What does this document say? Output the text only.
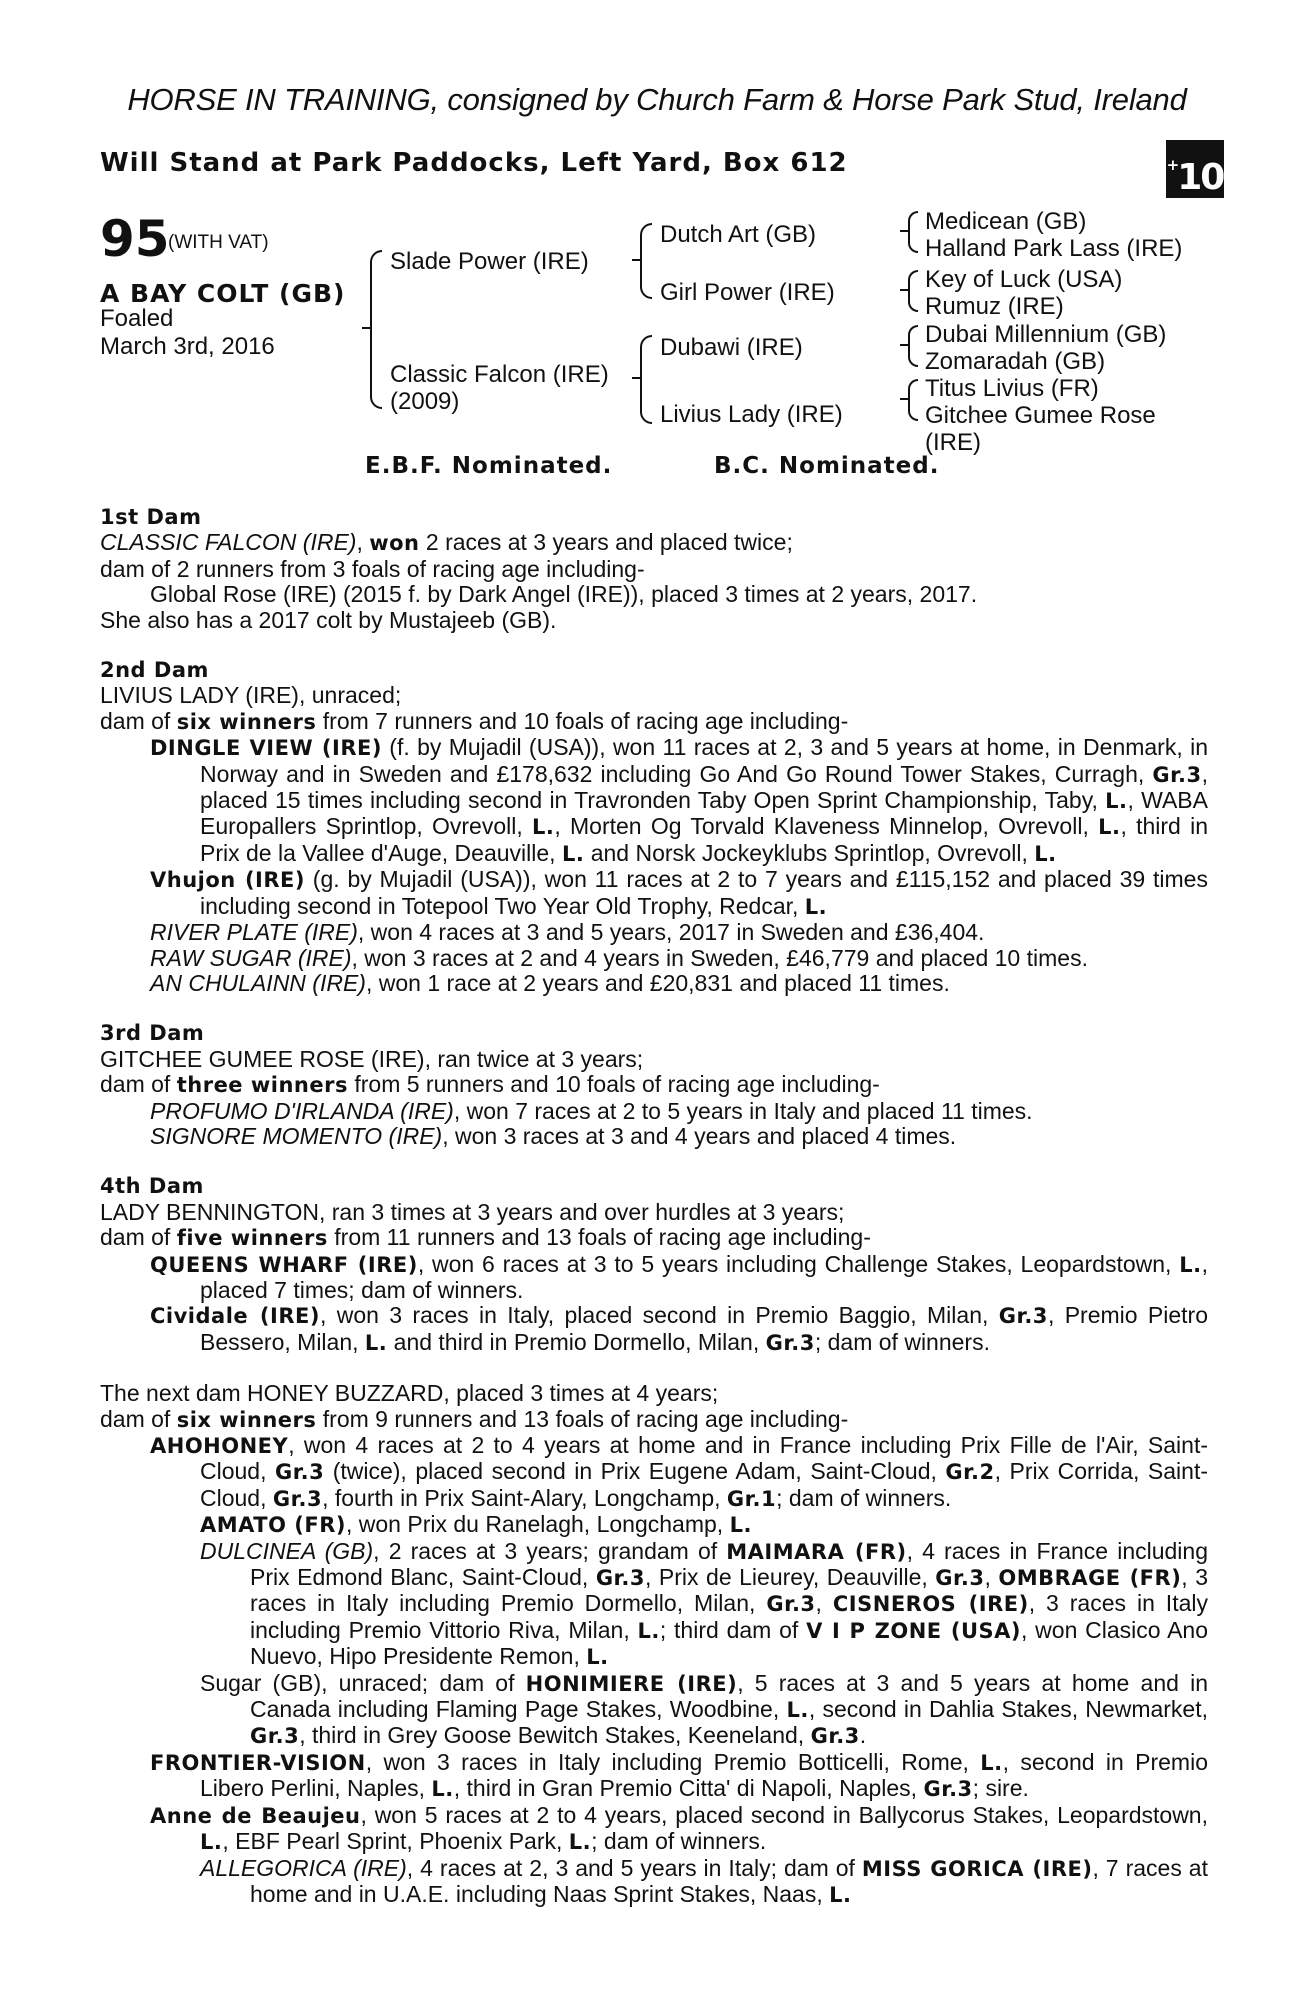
HORSE IN TRAINING, consigned by Church Farm & Horse Park Stud, Ireland
Will Stand at Park Paddocks, Left Yard, Box 612	+10
95
(WITH VAT)
A BAY COLT (GB)
Foaled
March 3rd, 2016
Slade Power (IRE)
Classic Falcon (IRE)
(2009)
Dutch Art (GB)
Girl Power (IRE)
Dubawi (IRE)
Livius Lady (IRE)
Medicean (GB)
Halland Park Lass (IRE)
Key of Luck (USA)
Rumuz (IRE)
Dubai Millennium (GB)
Zomaradah (GB)
Titus Livius (FR)
Gitchee Gumee Rose
(IRE)
E.B.F. Nominated.	B.C. Nominated.
1st Dam

CLASSIC FALCON (IRE), won 2 races at 3 years and placed twice;

dam of 2 runners from 3 foals of racing age including-

Global Rose (IRE) (2015 f. by Dark Angel (IRE)), placed 3 times at 2 years, 2017.

She also has a 2017 colt by Mustajeeb (GB).

2nd Dam

LIVIUS LADY (IRE), unraced;

dam of six winners from 7 runners and 10 foals of racing age including-

DINGLE VIEW (IRE) (f. by Mujadil (USA)), won 11 races at 2, 3 and 5 years at home, in Denmark, in Norway and in Sweden and £178,632 including Go And Go Round Tower Stakes, Curragh, Gr.3, placed 15 times including second in Travronden Taby Open Sprint Championship, Taby, L., WABA Europallers Sprintlop, Ovrevoll, L., Morten Og Torvald Klaveness Minnelop, Ovrevoll, L., third in Prix de la Vallee d'Auge, Deauville, L. and Norsk Jockeyklubs Sprintlop, Ovrevoll, L.

Vhujon (IRE) (g. by Mujadil (USA)), won 11 races at 2 to 7 years and £115,152 and placed 39 times including second in Totepool Two Year Old Trophy, Redcar, L.

RIVER PLATE (IRE), won 4 races at 3 and 5 years, 2017 in Sweden and £36,404.

RAW SUGAR (IRE), won 3 races at 2 and 4 years in Sweden, £46,779 and placed 10 times.

AN CHULAINN (IRE), won 1 race at 2 years and £20,831 and placed 11 times.

3rd Dam

GITCHEE GUMEE ROSE (IRE), ran twice at 3 years;

dam of three winners from 5 runners and 10 foals of racing age including-

PROFUMO D'IRLANDA (IRE), won 7 races at 2 to 5 years in Italy and placed 11 times.

SIGNORE MOMENTO (IRE), won 3 races at 3 and 4 years and placed 4 times.

4th Dam

LADY BENNINGTON, ran 3 times at 3 years and over hurdles at 3 years;

dam of five winners from 11 runners and 13 foals of racing age including-

QUEENS WHARF (IRE), won 6 races at 3 to 5 years including Challenge Stakes, Leopardstown, L., placed 7 times; dam of winners.

Cividale (IRE), won 3 races in Italy, placed second in Premio Baggio, Milan, Gr.3, Premio Pietro Bessero, Milan, L. and third in Premio Dormello, Milan, Gr.3; dam of winners.

The next dam HONEY BUZZARD, placed 3 times at 4 years;

dam of six winners from 9 runners and 13 foals of racing age including-

AHOHONEY, won 4 races at 2 to 4 years at home and in France including Prix Fille de l'Air, Saint-Cloud, Gr.3 (twice), placed second in Prix Eugene Adam, Saint-Cloud, Gr.2, Prix Corrida, Saint-Cloud, Gr.3, fourth in Prix Saint-Alary, Longchamp, Gr.1; dam of winners.

AMATO (FR), won Prix du Ranelagh, Longchamp, L.

DULCINEA (GB), 2 races at 3 years; grandam of MAIMARA (FR), 4 races in France including Prix Edmond Blanc, Saint-Cloud, Gr.3, Prix de Lieurey, Deauville, Gr.3, OMBRAGE (FR), 3 races in Italy including Premio Dormello, Milan, Gr.3, CISNEROS (IRE), 3 races in Italy including Premio Vittorio Riva, Milan, L.; third dam of V I P ZONE (USA), won Clasico Ano Nuevo, Hipo Presidente Remon, L.

Sugar (GB), unraced; dam of HONIMIERE (IRE), 5 races at 3 and 5 years at home and in Canada including Flaming Page Stakes, Woodbine, L., second in Dahlia Stakes, Newmarket, Gr.3, third in Grey Goose Bewitch Stakes, Keeneland, Gr.3.

FRONTIER-VISION, won 3 races in Italy including Premio Botticelli, Rome, L., second in Premio Libero Perlini, Naples, L., third in Gran Premio Citta' di Napoli, Naples, Gr.3; sire.

Anne de Beaujeu, won 5 races at 2 to 4 years, placed second in Ballycorus Stakes, Leopardstown, L., EBF Pearl Sprint, Phoenix Park, L.; dam of winners.

ALLEGORICA (IRE), 4 races at 2, 3 and 5 years in Italy; dam of MISS GORICA (IRE), 7 races at home and in U.A.E. including Naas Sprint Stakes, Naas, L.
